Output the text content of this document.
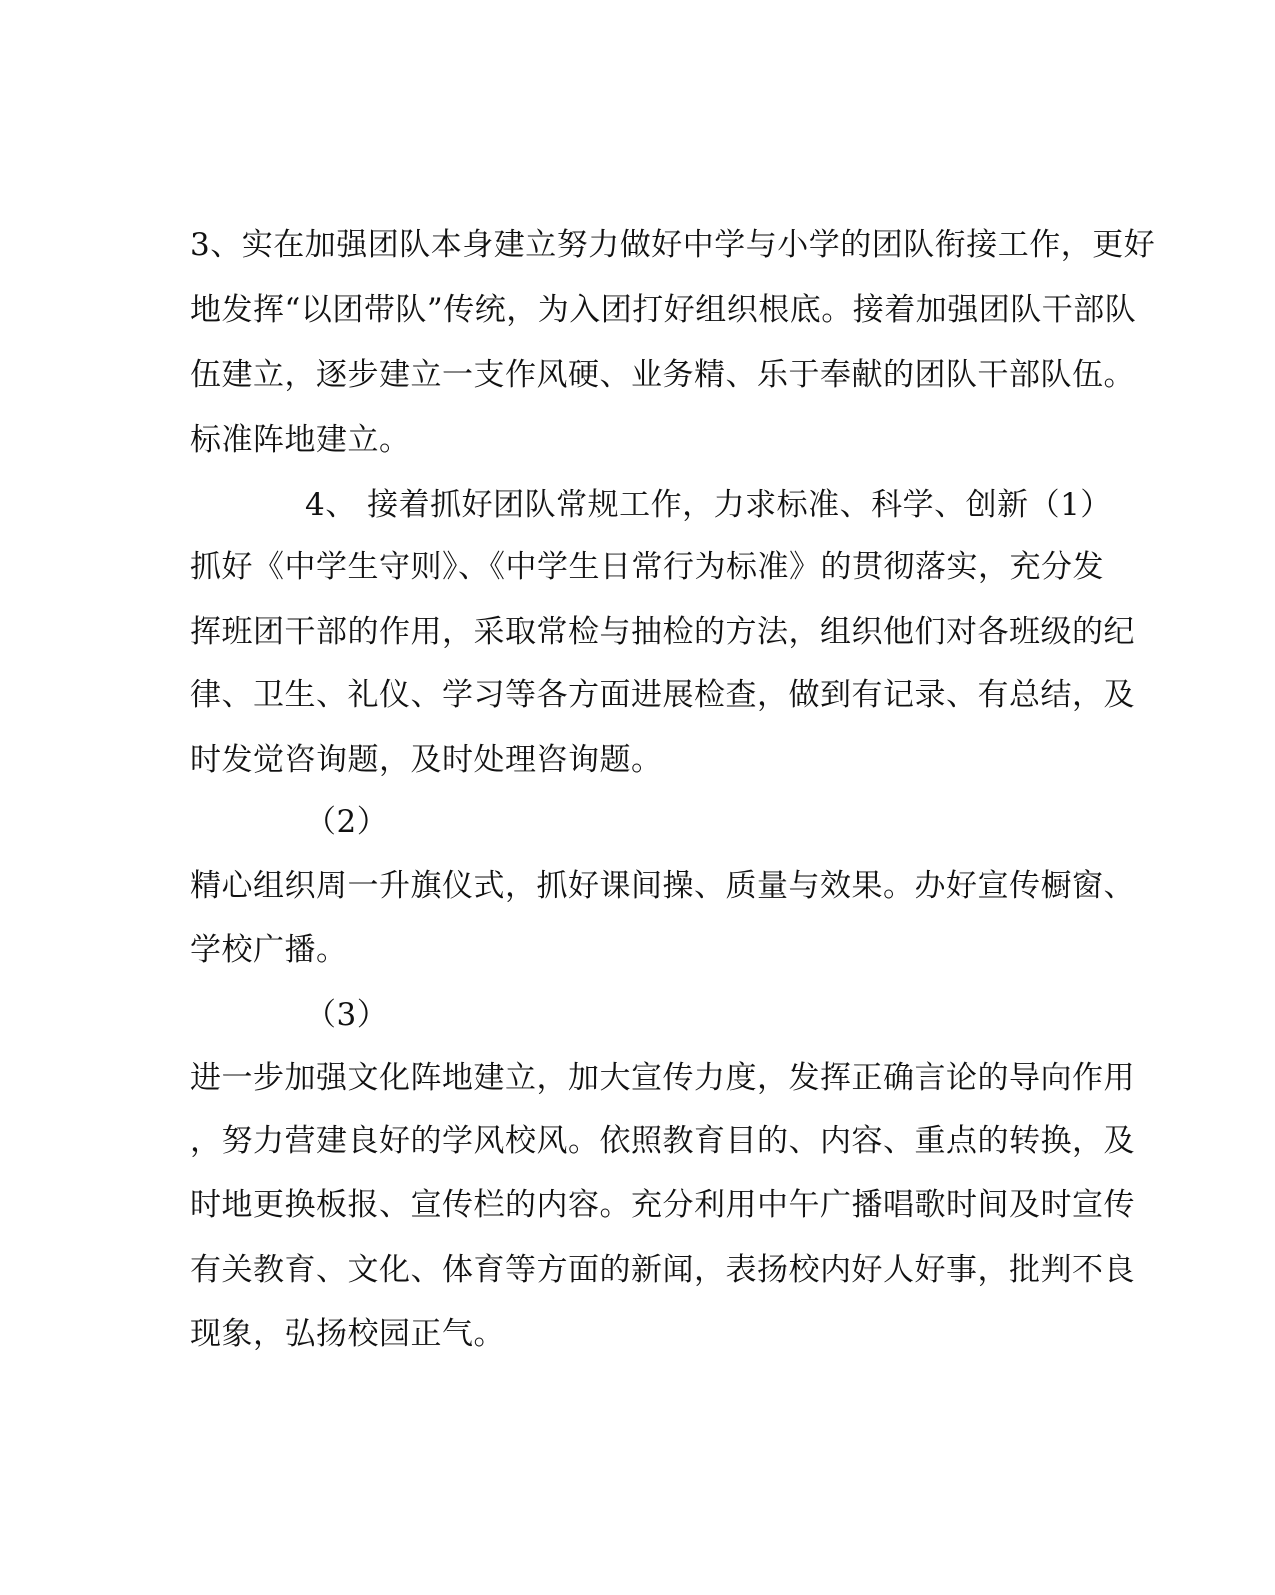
3、实在加强团队本身建立努力做好中学与小学的团队衔接工作，更好
地发挥“以团带队”传统，为入团打好组织根底。接着加强团队干部队
伍建立，逐步建立一支作风硬、业务精、乐于奉献的团队干部队伍。
标准阵地建立。
4、 接着抓好团队常规工作，力求标准、科学、创新（1）
抓好《中学生守则》、《中学生日常行为标准》的贯彻落实，充分发
挥班团干部的作用，采取常检与抽检的方法，组织他们对各班级的纪
律、卫生、礼仪、学习等各方面进展检查，做到有记录、有总结，及
时发觉咨询题，及时处理咨询题。
（2）
精心组织周一升旗仪式，抓好课间操、质量与效果。办好宣传橱窗、
学校广播。
（3）
进一步加强文化阵地建立，加大宣传力度，发挥正确言论的导向作用
，努力营建良好的学风校风。依照教育目的、内容、重点的转换，及
时地更换板报、宣传栏的内容。充分利用中午广播唱歌时间及时宣传
有关教育、文化、体育等方面的新闻，表扬校内好人好事，批判不良
现象，弘扬校园正气。
